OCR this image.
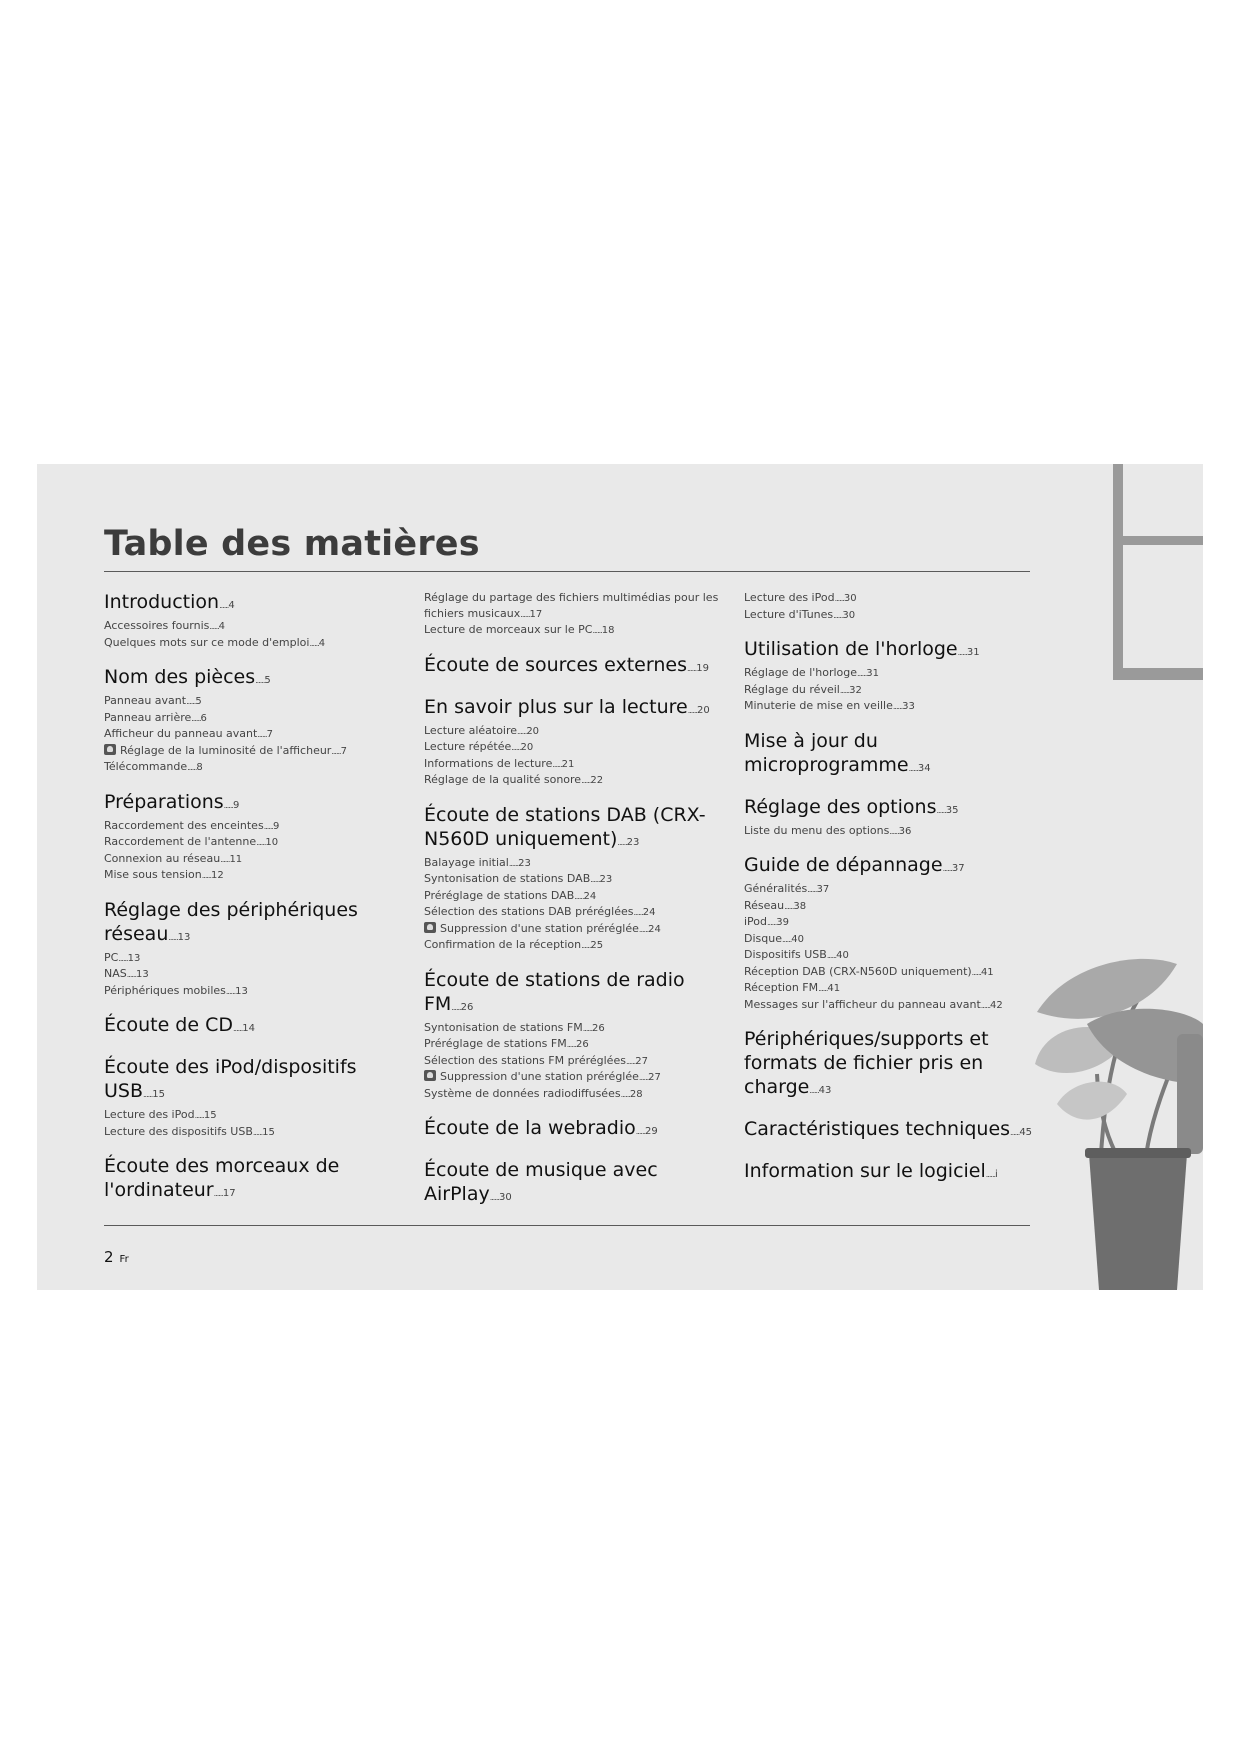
Table des matières
Introduction ...... 4
Accessoires fournis ...... 4
Quelques mots sur ce mode d'emploi ...... 4
Nom des pièces ...... 5
Panneau avant ...... 5
Panneau arrière ...... 6
Afficheur du panneau avant ...... 7
Réglage de la luminosité de l'afficheur ...... 7
Télécommande ...... 8
Préparations ...... 9
Raccordement des enceintes ...... 9
Raccordement de l'antenne ...... 10
Connexion au réseau ...... 11
Mise sous tension ...... 12
Réglage des périphériques réseau ...... 13
PC ...... 13
NAS ...... 13
Périphériques mobiles ...... 13
Écoute de CD ...... 14
Écoute des iPod/dispositifs USB ...... 15
Lecture des iPod ...... 15
Lecture des dispositifs USB ...... 15
Écoute des morceaux de l'ordinateur ...... 17
Réglage du partage des fichiers multimédias pour les fichiers musicaux ...... 17
Lecture de morceaux sur le PC ...... 18
Écoute de sources externes ...... 19
En savoir plus sur la lecture ...... 20
Lecture aléatoire ...... 20
Lecture répétée ...... 20
Informations de lecture ...... 21
Réglage de la qualité sonore ...... 22
Écoute de stations DAB (CRX-N560D uniquement) ...... 23
Balayage initial ...... 23
Syntonisation de stations DAB ...... 23
Préréglage de stations DAB ...... 24
Sélection des stations DAB préréglées ...... 24
Suppression d'une station préréglée ...... 24
Confirmation de la réception ...... 25
Écoute de stations de radio FM ...... 26
Syntonisation de stations FM ...... 26
Préréglage de stations FM ...... 26
Sélection des stations FM préréglées ...... 27
Suppression d'une station préréglée ...... 27
Système de données radiodiffusées ...... 28
Écoute de la webradio ...... 29
Écoute de musique avec AirPlay ...... 30
Lecture des iPod ...... 30
Lecture d'iTunes ...... 30
Utilisation de l'horloge ...... 31
Réglage de l'horloge ...... 31
Réglage du réveil ...... 32
Minuterie de mise en veille ...... 33
Mise à jour du microprogramme ...... 34
Réglage des options ...... 35
Liste du menu des options ...... 36
Guide de dépannage ...... 37
Généralités ...... 37
Réseau ...... 38
iPod ...... 39
Disque ...... 40
Dispositifs USB ...... 40
Réception DAB (CRX-N560D uniquement) ...... 41
Réception FM ...... 41
Messages sur l'afficheur du panneau avant ...... 42
Périphériques/supports et formats de fichier pris en charge ...... 43
Caractéristiques techniques ...... 45
Information sur le logiciel ...... i
2 Fr
